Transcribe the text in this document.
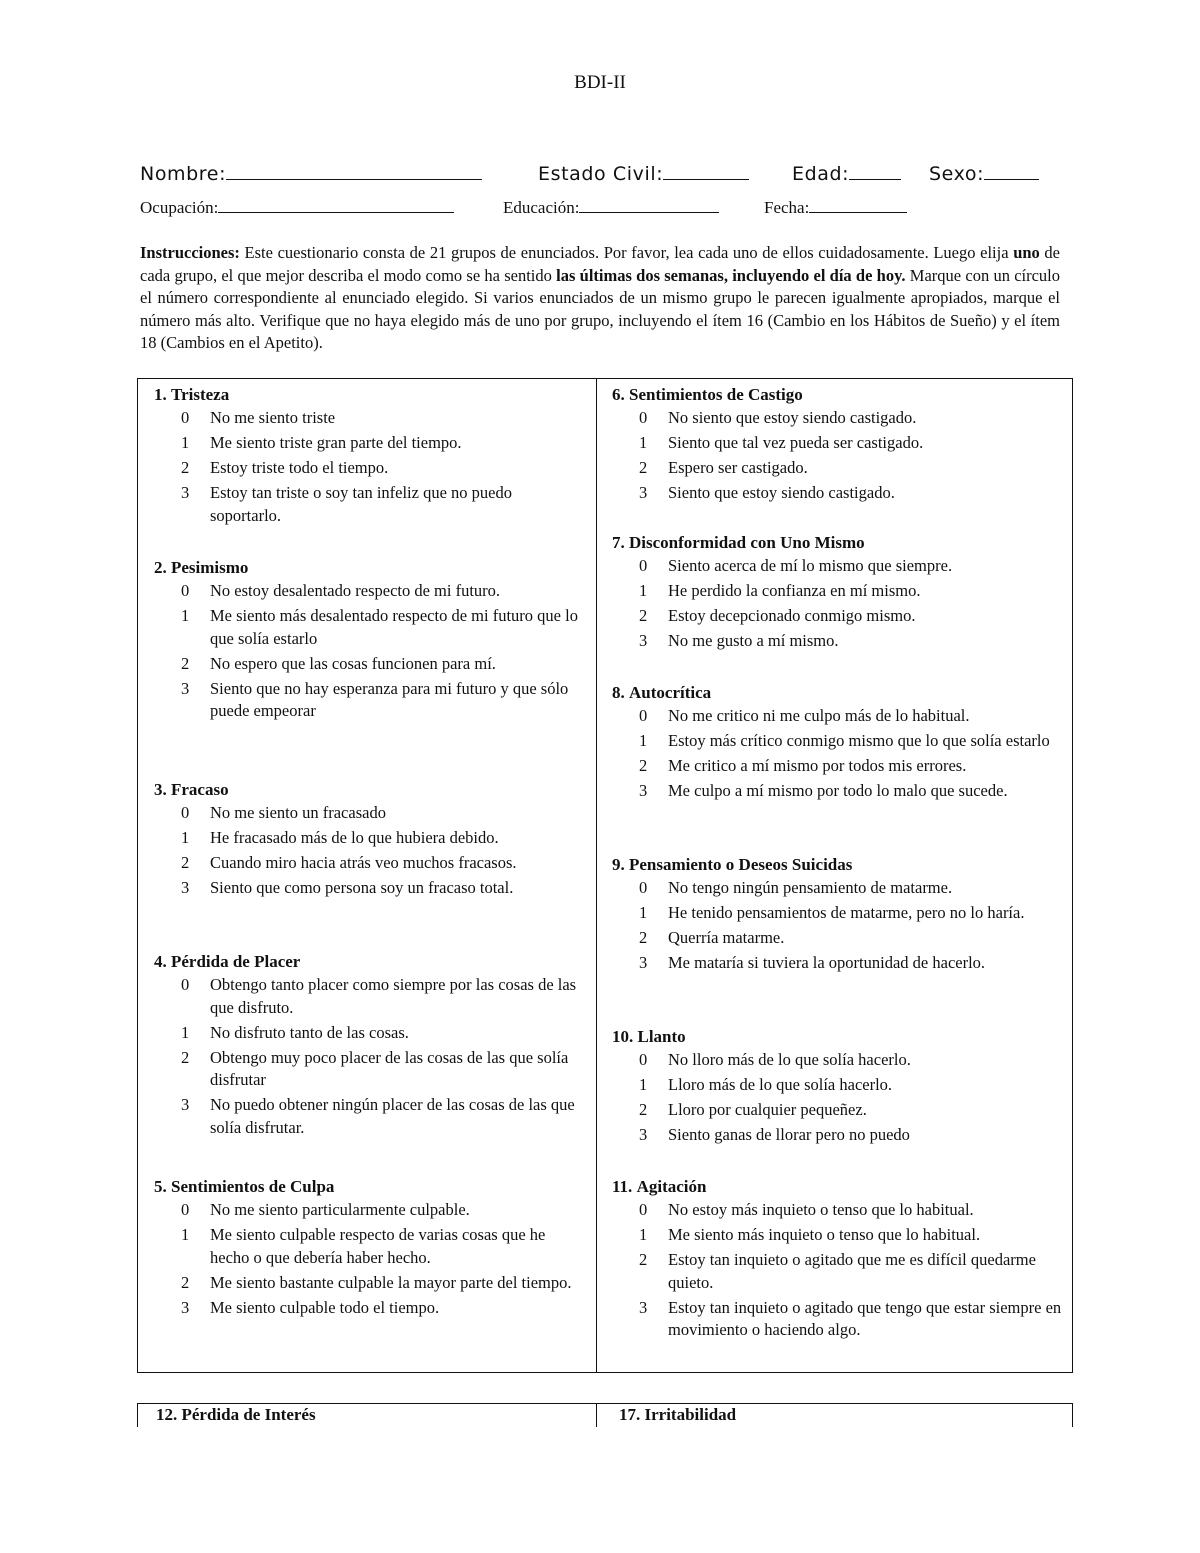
BDI-II
Nombre:	Estado Civil:	Edad:	Sexo:
Ocupación:	Educación:	Fecha:
Instrucciones: Este cuestionario consta de 21 grupos de enunciados. Por favor, lea cada uno de ellos cuidadosamente. Luego elija uno de cada grupo, el que mejor describa el modo como se ha sentido las últimas dos semanas, incluyendo el día de hoy. Marque con un círculo el número correspondiente al enunciado elegido. Si varios enunciados de un mismo grupo le parecen igualmente apropiados, marque el número más alto. Verifique que no haya elegido más de uno por grupo, incluyendo el ítem 16 (Cambio en los Hábitos de Sueño) y el ítem 18 (Cambios en el Apetito).
1. Tristeza
0 No me siento triste
1 Me siento triste gran parte del tiempo.
2 Estoy triste todo el tiempo.
3 Estoy tan triste o soy tan infeliz que no puedo soportarlo.
2. Pesimismo
0 No estoy desalentado respecto de mi futuro.
1 Me siento más desalentado respecto de mi futuro que lo que solía estarlo
2 No espero que las cosas funcionen para mí.
3 Siento que no hay esperanza para mi futuro y que sólo puede empeorar
3. Fracaso
0 No me siento un fracasado
1 He fracasado más de lo que hubiera debido.
2 Cuando miro hacia atrás veo muchos fracasos.
3 Siento que como persona soy un fracaso total.
4. Pérdida de Placer
0 Obtengo tanto placer como siempre por las cosas de las que disfruto.
1 No disfruto tanto de las cosas.
2 Obtengo muy poco placer de las cosas de las que solía disfrutar
3 No puedo obtener ningún placer de las cosas de las que solía disfrutar.
5. Sentimientos de Culpa
0 No me siento particularmente culpable.
1 Me siento culpable respecto de varias cosas que he hecho o que debería haber hecho.
2 Me siento bastante culpable la mayor parte del tiempo.
3 Me siento culpable todo el tiempo.
6. Sentimientos de Castigo
0 No siento que estoy siendo castigado.
1 Siento que tal vez pueda ser castigado.
2 Espero ser castigado.
3 Siento que estoy siendo castigado.
7. Disconformidad con Uno Mismo
0 Siento acerca de mí lo mismo que siempre.
1 He perdido la confianza en mí mismo.
2 Estoy decepcionado conmigo mismo.
3 No me gusto a mí mismo.
8. Autocrítica
0 No me critico ni me culpo más de lo habitual.
1 Estoy más crítico conmigo mismo que lo que solía estarlo
2 Me critico a mí mismo por todos mis errores.
3 Me culpo a mí mismo por todo lo malo que sucede.
9. Pensamiento o Deseos Suicidas
0 No tengo ningún pensamiento de matarme.
1 He tenido pensamientos de matarme, pero no lo haría.
2 Querría matarme.
3 Me mataría si tuviera la oportunidad de hacerlo.
10. Llanto
0 No lloro más de lo que solía hacerlo.
1 Lloro más de lo que solía hacerlo.
2 Lloro por cualquier pequeñez.
3 Siento ganas de llorar pero no puedo
11. Agitación
0 No estoy más inquieto o tenso que lo habitual.
1 Me siento más inquieto o tenso que lo habitual.
2 Estoy tan inquieto o agitado que me es difícil quedarme quieto.
3 Estoy tan inquieto o agitado que tengo que estar siempre en movimiento o haciendo algo.
12. Pérdida de Interés	17. Irritabilidad
